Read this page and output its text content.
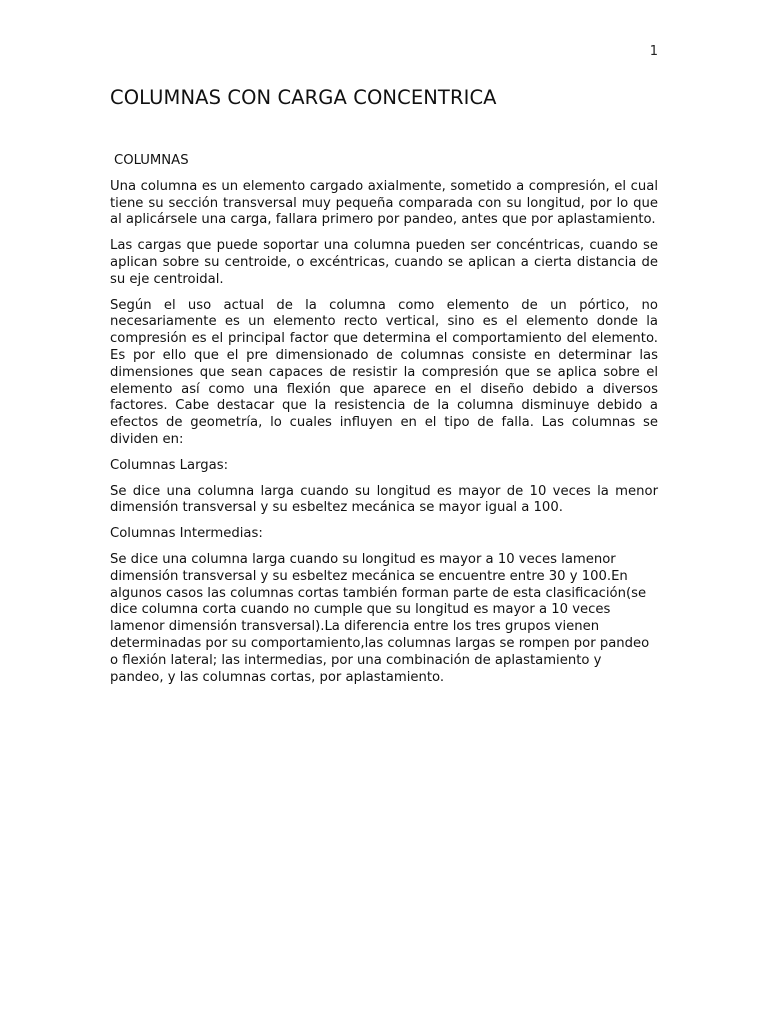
1
COLUMNAS CON CARGA CONCENTRICA
COLUMNAS

Una columna es un elemento cargado axialmente, sometido a compresión, el cual tiene su sección transversal muy pequeña comparada con su longitud, por lo que al aplicársele una carga, fallara primero por pandeo, antes que por aplastamiento.

Las cargas que puede soportar una columna pueden ser concéntricas, cuando se aplican sobre su centroide, o excéntricas, cuando se aplican a cierta distancia de su eje centroidal.

Según el uso actual de la columna como elemento de un pórtico, no necesariamente es un elemento recto vertical, sino es el elemento donde la compresión es el principal factor que determina el comportamiento del elemento. Es por ello que el pre dimensionado de columnas consiste en determinar las dimensiones que sean capaces de resistir la compresión que se aplica sobre el elemento así como una flexión que aparece en el diseño debido a diversos factores. Cabe destacar que la resistencia de la columna disminuye debido a efectos de geometría, lo cuales influyen en el tipo de falla. Las columnas se dividen en:

Columnas Largas:

Se dice una columna larga cuando su longitud es mayor de 10 veces la menor dimensión transversal y su esbeltez mecánica se mayor igual a 100.

Columnas Intermedias:

Se dice una columna larga cuando su longitud es mayor a 10 veces lamenor dimensión transversal y su esbeltez mecánica se encuentre entre 30 y 100.En algunos casos las columnas cortas también forman parte de esta clasificación(se dice columna corta cuando no cumple que su longitud es mayor a 10 veces lamenor dimensión transversal).La diferencia entre los tres grupos vienen determinadas por su comportamiento,las columnas largas se rompen por pandeo o flexión lateral; las intermedias, por una combinación de aplastamiento y pandeo, y las columnas cortas, por aplastamiento.
